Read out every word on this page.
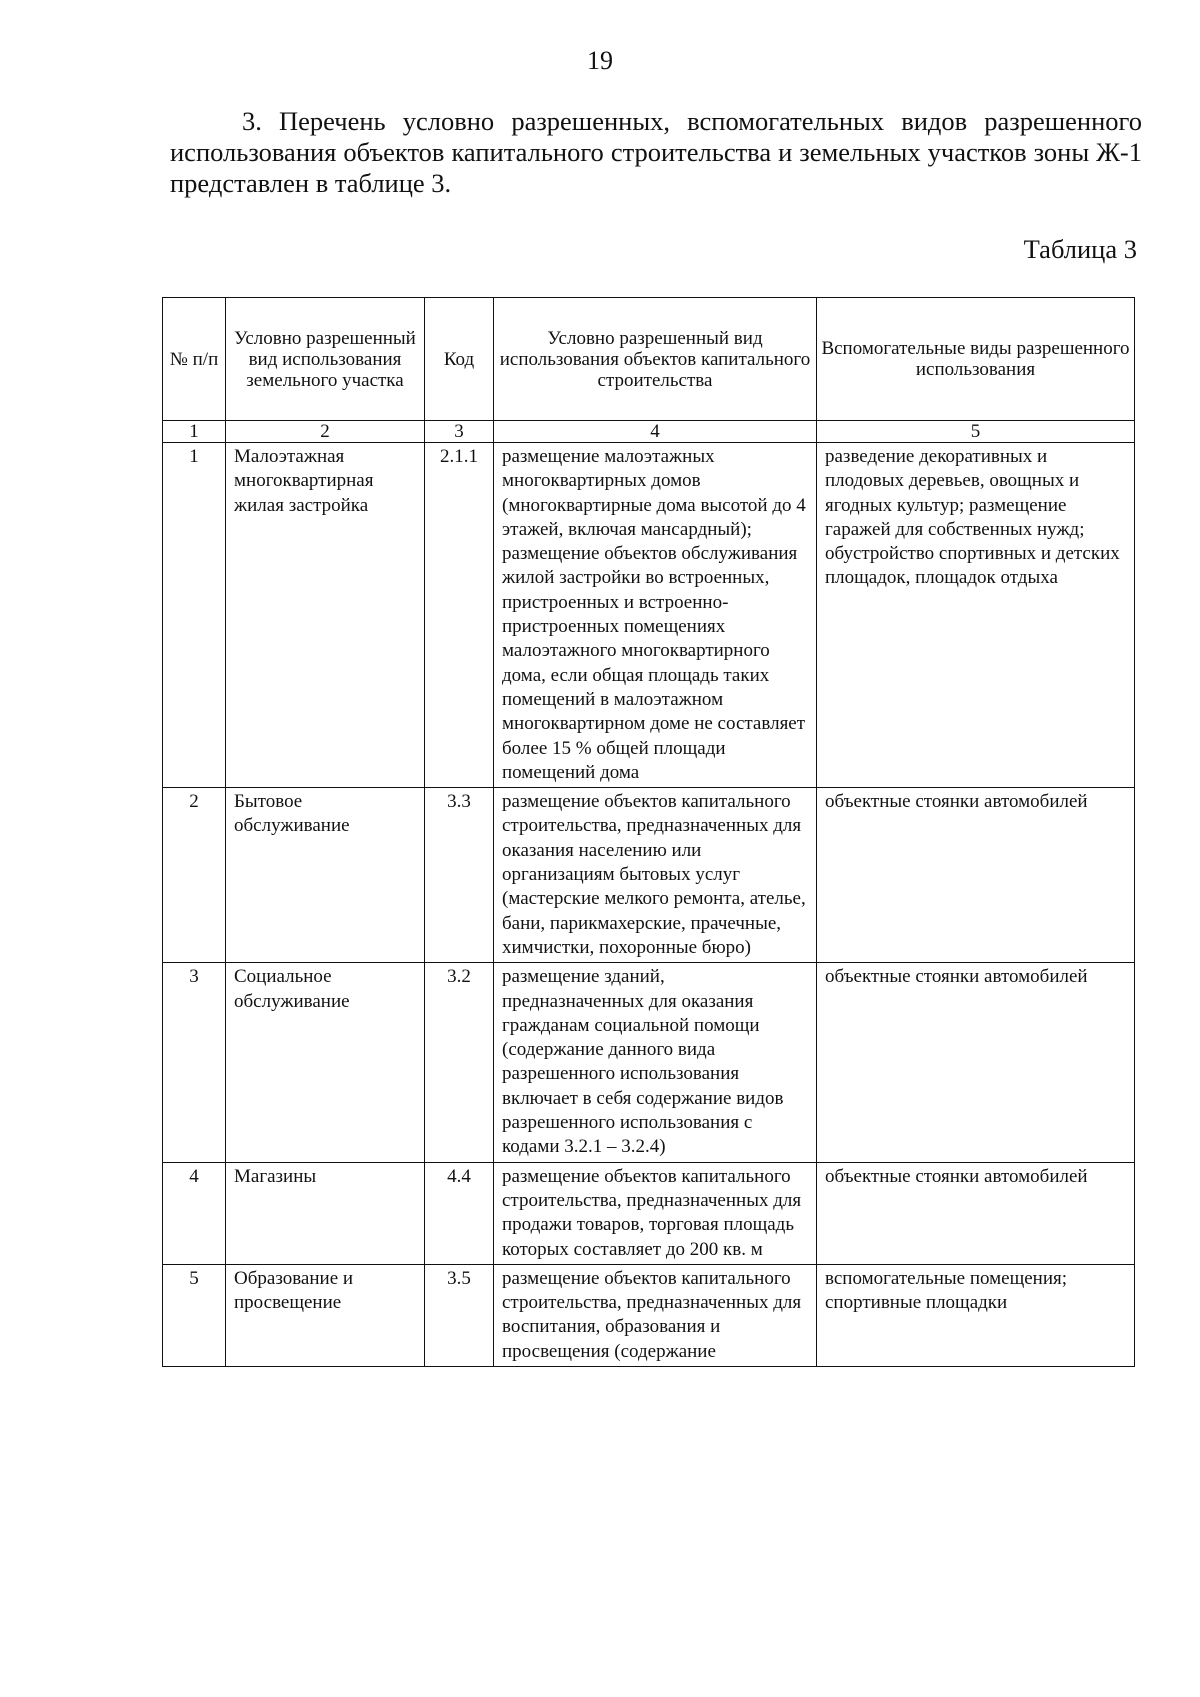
19

3. Перечень условно разрешенных, вспомогательных видов разрешенного использования объектов капитального строительства и земельных участков зоны Ж-1 представлен в таблице 3.

Таблица 3
№ п/п	Условно разрешенный вид использования земельного участка	Код	Условно разрешенный вид использования объектов капитального строительства	Вспомогательные виды разрешенного использования
1	2	3	4	5
1	Малоэтажная многоквартирная жилая застройка	2.1.1	размещение малоэтажных многоквартирных домов (многоквартирные дома высотой до 4 этажей, включая мансардный); размещение объектов обслуживания жилой застройки во встроенных, пристроенных и встроенно-пристроенных помещениях малоэтажного многоквартирного дома, если общая площадь таких помещений в малоэтажном многоквартирном доме не составляет более 15 % общей площади помещений дома	разведение декоративных и плодовых деревьев, овощных и ягодных культур; размещение гаражей для собственных нужд; обустройство спортивных и детских площадок, площадок отдыха
2	Бытовое обслуживание	3.3	размещение объектов капитального строительства, предназначенных для оказания населению или организациям бытовых услуг (мастерские мелкого ремонта, ателье, бани, парикмахерские, прачечные, химчистки, похоронные бюро)	объектные стоянки автомобилей
3	Социальное обслуживание	3.2	размещение зданий, предназначенных для оказания гражданам социальной помощи (содержание данного вида разрешенного использования включает в себя содержание видов разрешенного использования с кодами 3.2.1 – 3.2.4)	объектные стоянки автомобилей
4	Магазины	4.4	размещение объектов капитального строительства, предназначенных для продажи товаров, торговая площадь которых составляет до 200 кв. м	объектные стоянки автомобилей
5	Образование и просвещение	3.5	размещение объектов капитального строительства, предназначенных для воспитания, образования и просвещения (содержание	вспомогательные помещения; спортивные площадки
